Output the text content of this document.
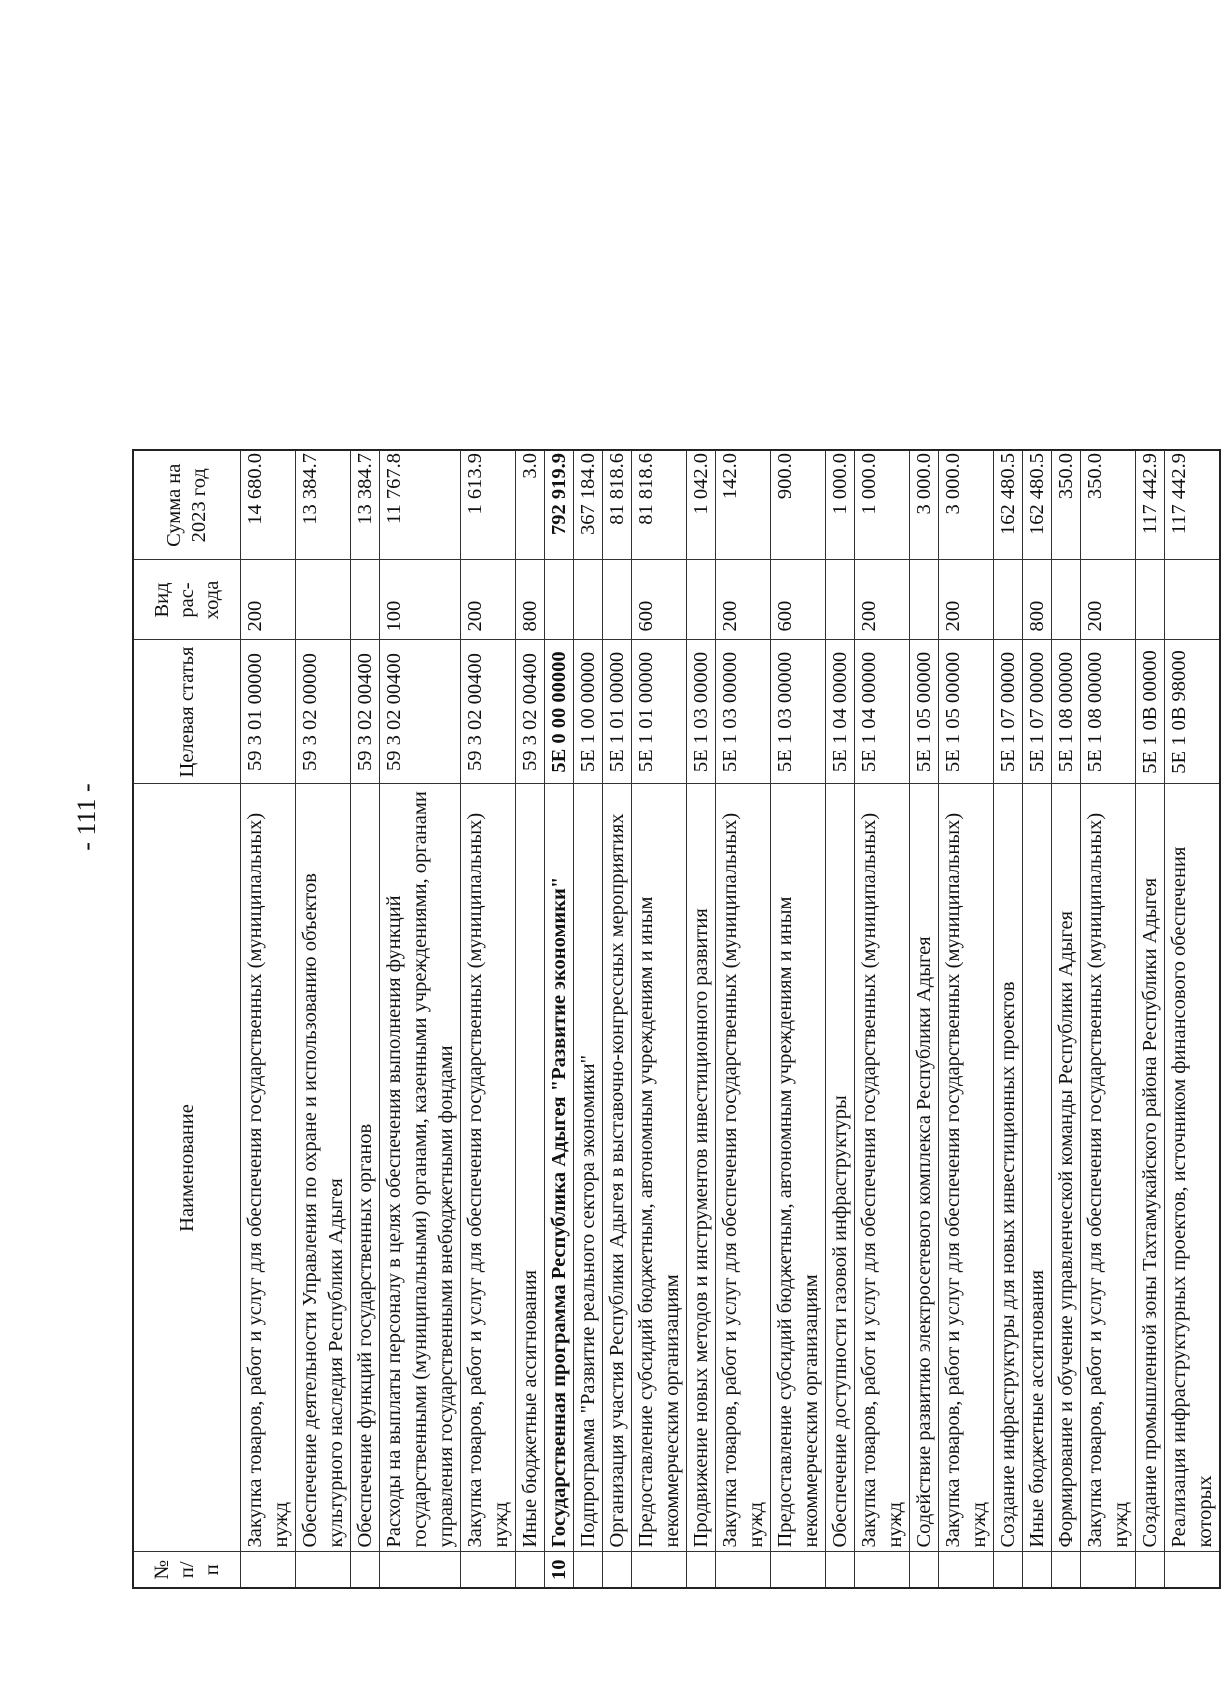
- 111 -
№ п/п	Наименование	Целевая статья	Вид рас- хода	Сумма на 2023 год
	Закупка товаров, работ и услуг для обеспечения государственных (муниципальных) нужд	59 3 01 00000	200	14 680.0
	Обеспечение деятельности Управления по охране и использованию объектов культурного наследия Республики Адыгея	59 3 02 00000		13 384.7
	Обеспечение функций государственных органов	59 3 02 00400		13 384.7
	Расходы на выплаты персоналу в целях обеспечения выполнения функций государственными (муниципальными) органами, казенными учреждениями, органами управления государственными внебюджетными фондами	59 3 02 00400	100	11 767.8
	Закупка товаров, работ и услуг для обеспечения государственных (муниципальных) нужд	59 3 02 00400	200	1 613.9
	Иные бюджетные ассигнования	59 3 02 00400	800	3.0
10	Государственная программа Республика Адыгея "Развитие экономики"	5Е 0 00 00000		792 919.9
	Подпрограмма "Развитие реального сектора экономики"	5Е 1 00 00000		367 184.0
	Организация участия Республики Адыгея в выставочно-конгрессных мероприятиях	5Е 1 01 00000		81 818.6
	Предоставление субсидий бюджетным, автономным учреждениям и иным некоммерческим организациям	5Е 1 01 00000	600	81 818.6
	Продвижение новых методов и инструментов инвестиционного развития	5Е 1 03 00000		1 042.0
	Закупка товаров, работ и услуг для обеспечения государственных (муниципальных) нужд	5Е 1 03 00000	200	142.0
	Предоставление субсидий бюджетным, автономным учреждениям и иным некоммерческим организациям	5Е 1 03 00000	600	900.0
	Обеспечение доступности газовой инфраструктуры	5Е 1 04 00000		1 000.0
	Закупка товаров, работ и услуг для обеспечения государственных (муниципальных) нужд	5Е 1 04 00000	200	1 000.0
	Содействие развитию электросетевого комплекса Республики Адыгея	5Е 1 05 00000		3 000.0
	Закупка товаров, работ и услуг для обеспечения государственных (муниципальных) нужд	5Е 1 05 00000	200	3 000.0
	Создание инфраструктуры для новых инвестиционных проектов	5Е 1 07 00000		162 480.5
	Иные бюджетные ассигнования	5Е 1 07 00000	800	162 480.5
	Формирование и обучение управленческой команды Республики Адыгея	5Е 1 08 00000		350.0
	Закупка товаров, работ и услуг для обеспечения государственных (муниципальных) нужд	5Е 1 08 00000	200	350.0
	Создание промышленной зоны Тахтамукайского района Республики Адыгея	5Е 1 0В 00000		117 442.9
	Реализация инфраструктурных проектов, источником финансового обеспечения которых	5Е 1 0В 98000		117 442.9
